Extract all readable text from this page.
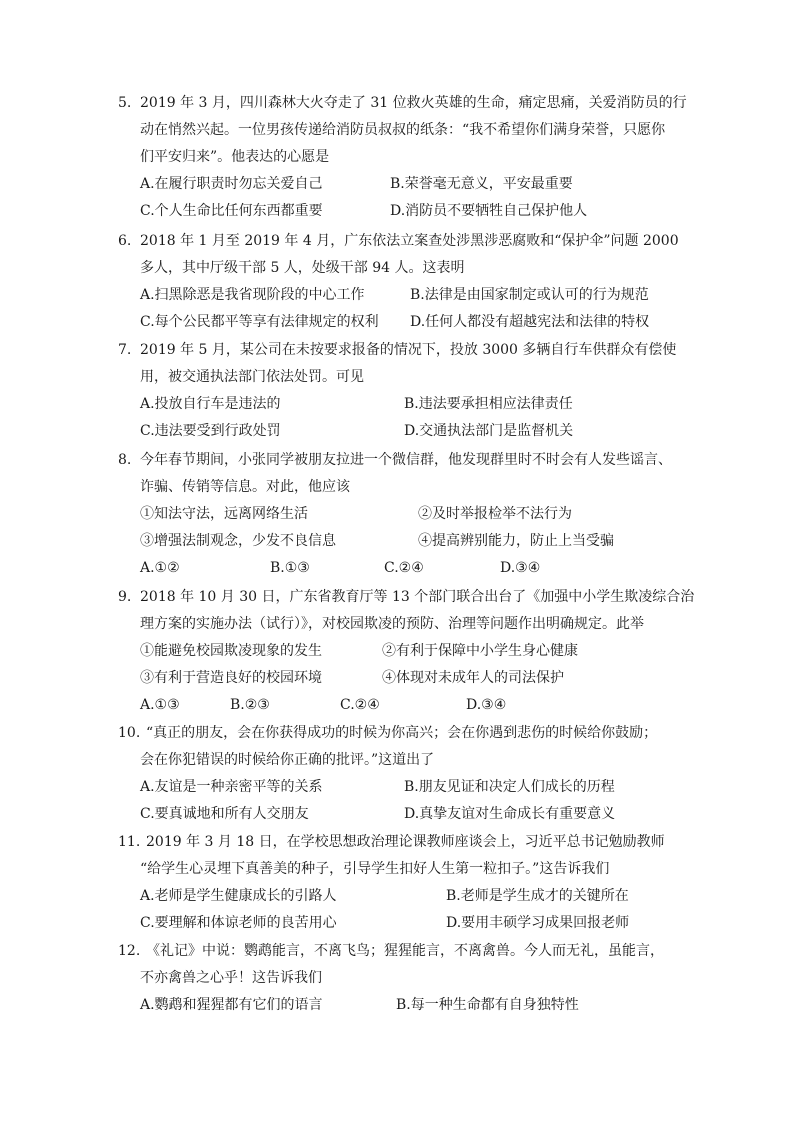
5. 2019 年 3 月，四川森林大火夺走了 31 位救火英雄的生命，痛定思痛，关爱消防员的行
动在悄然兴起。一位男孩传递给消防员叔叔的纸条：“我不希望你们满身荣誉，只愿你
们平安归来”。他表达的心愿是
A.在履行职责时勿忘关爱自己	B.荣誉毫无意义，平安最重要
C.个人生命比任何东西都重要	D.消防员不要牺牲自己保护他人
6. 2018 年 1 月至 2019 年 4 月，广东依法立案查处涉黑涉恶腐败和“保护伞”问题 2000
多人，其中厅级干部 5 人，处级干部 94 人。这表明
A.扫黑除恶是我省现阶段的中心工作	B.法律是由国家制定或认可的行为规范
C.每个公民都平等享有法律规定的权利 D.任何人都没有超越宪法和法律的特权
7. 2019 年 5 月，某公司在未按要求报备的情况下，投放 3000 多辆自行车供群众有偿使
用，被交通执法部门依法处罚。可见
A.投放自行车是违法的	B.违法要承担相应法律责任
C.违法要受到行政处罚	D.交通执法部门是监督机关
8. 今年春节期间，小张同学被朋友拉进一个微信群，他发现群里时不时会有人发些谣言、
诈骗、传销等信息。对此，他应该
①知法守法，远离网络生活	②及时举报检举不法行为
③增强法制观念，少发不良信息	④提高辨别能力，防止上当受骗
A.①②	B.①③	C.②④	D.③④
9. 2018 年 10 月 30 日，广东省教育厅等 13 个部门联合出台了《加强中小学生欺凌综合治
理方案的实施办法（试行）》，对校园欺凌的预防、治理等问题作出明确规定。此举
①能避免校园欺凌现象的发生	②有利于保障中小学生身心健康
③有利于营造良好的校园环境	④体现对未成年人的司法保护
A.①③	B.②③	C.②④	D.③④
10. “真正的朋友，会在你获得成功的时候为你高兴；会在你遇到悲伤的时候给你鼓励；
会在你犯错误的时候给你正确的批评。”这道出了
A.友谊是一种亲密平等的关系	B.朋友见证和决定人们成长的历程
C.要真诚地和所有人交朋友	D.真挚友谊对生命成长有重要意义
11. 2019 年 3 月 18 日，在学校思想政治理论课教师座谈会上，习近平总书记勉励教师
“给学生心灵埋下真善美的种子，引导学生扣好人生第一粒扣子。”这告诉我们
A.老师是学生健康成长的引路人	B.老师是学生成才的关键所在
C.要理解和体谅老师的良苦用心	D.要用丰硕学习成果回报老师
12. 《礼记》中说：鹦鹉能言，不离飞鸟；猩猩能言，不离禽兽。今人而无礼，虽能言，
不亦禽兽之心乎！这告诉我们
A.鹦鹉和猩猩都有它们的语言	B.每一种生命都有自身独特性
